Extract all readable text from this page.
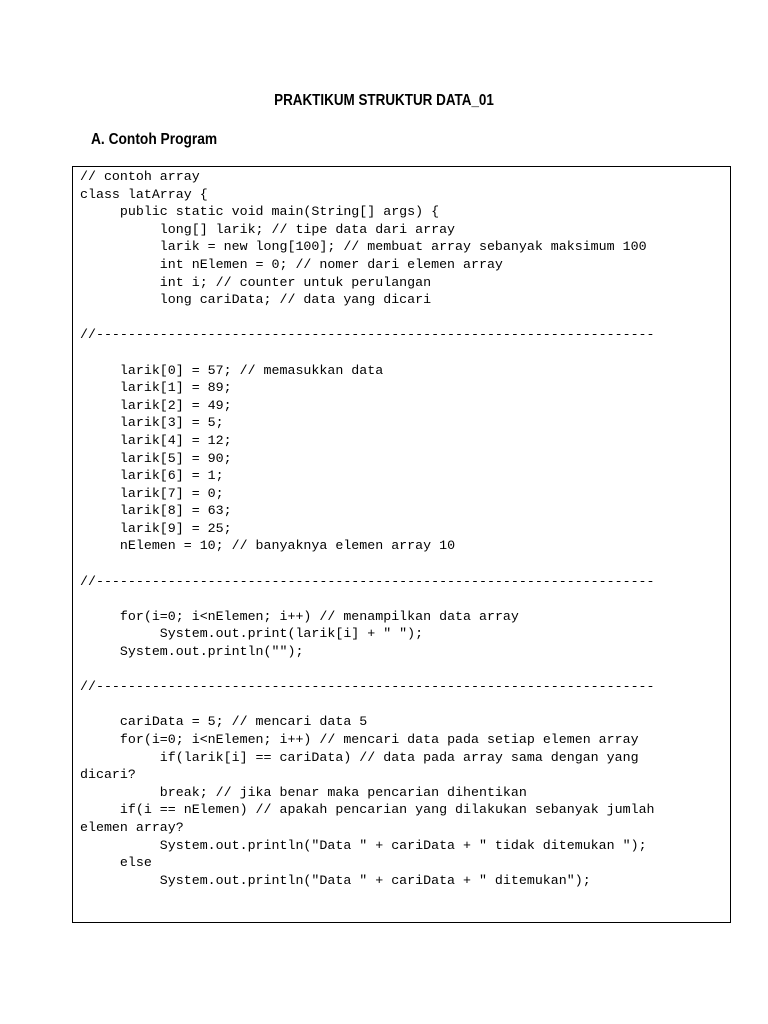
PRAKTIKUM STRUKTUR DATA_01
A. Contoh Program
// contoh array
class latArray {
public static void main(String[] args) {
long[] larik; // tipe data dari array
larik = new long[100]; // membuat array sebanyak maksimum 100
int nElemen = 0; // nomer dari elemen array
int i; // counter untuk perulangan
long cariData; // data yang dicari
//----------------------------------------------------------------------
larik[0] = 57; // memasukkan data
larik[1] = 89;
larik[2] = 49;
larik[3] = 5;
larik[4] = 12;
larik[5] = 90;
larik[6] = 1;
larik[7] = 0;
larik[8] = 63;
larik[9] = 25;
nElemen = 10; // banyaknya elemen array 10
//----------------------------------------------------------------------
for(i=0; i<nElemen; i++) // menampilkan data array
System.out.print(larik[i] + " ");
System.out.println("");
//----------------------------------------------------------------------
cariData = 5; // mencari data 5
for(i=0; i<nElemen; i++) // mencari data pada setiap elemen array
if(larik[i] == cariData) // data pada array sama dengan yang
dicari?
break; // jika benar maka pencarian dihentikan
if(i == nElemen) // apakah pencarian yang dilakukan sebanyak jumlah
elemen array?
System.out.println("Data " + cariData + " tidak ditemukan ");
else
System.out.println("Data " + cariData + " ditemukan");
